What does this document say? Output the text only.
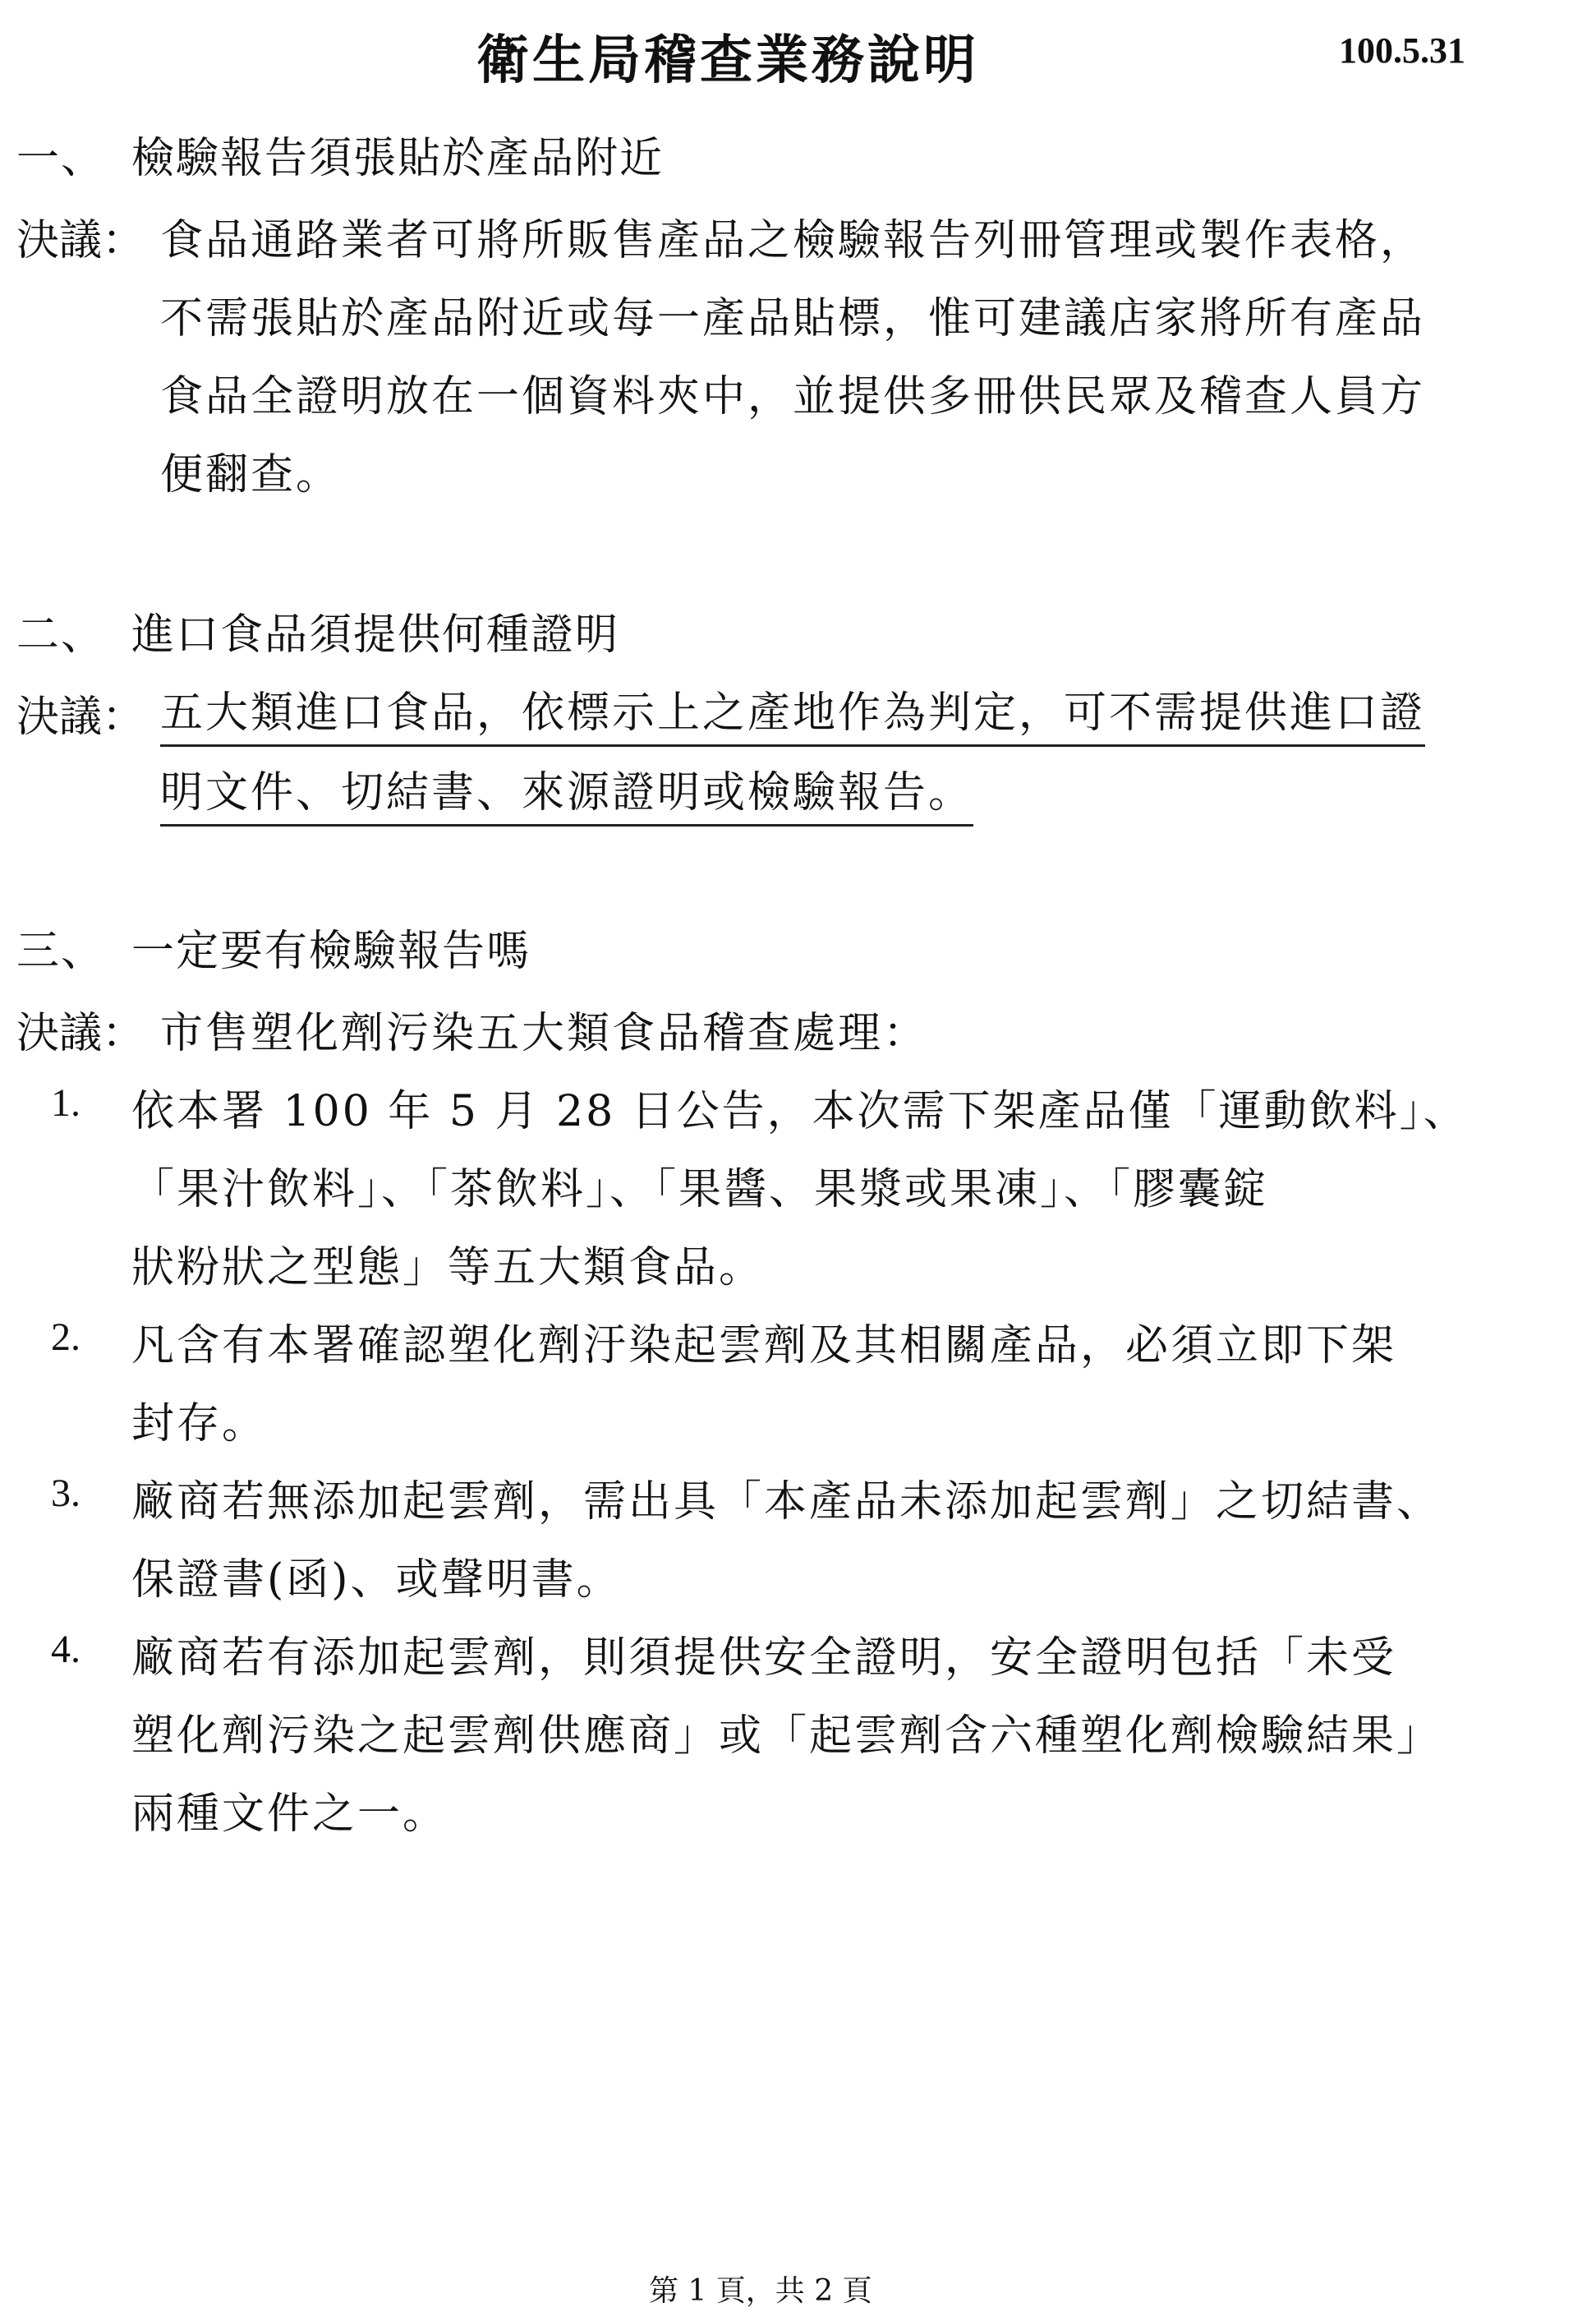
衛生局稽查業務說明	100.5.31
一、 檢驗報告須張貼於產品附近
決議： 食品通路業者可將所販售產品之檢驗報告列冊管理或製作表格，
不需張貼於產品附近或每一產品貼標，惟可建議店家將所有產品
食品全證明放在一個資料夾中，並提供多冊供民眾及稽查人員方
便翻查。
二、 進口食品須提供何種證明
決議： 五大類進口食品，依標示上之產地作為判定，可不需提供進口證
明文件、切結書、來源證明或檢驗報告。
三、 一定要有檢驗報告嗎
決議： 市售塑化劑污染五大類食品稽查處理：
1. 依本署 100 年 5 月 28 日公告，本次需下架產品僅「運動飲料」、
「果汁飲料」、「茶飲料」、「果醬、果漿或果凍」、「膠囊錠
狀粉狀之型態」等五大類食品。
2. 凡含有本署確認塑化劑汙染起雲劑及其相關產品，必須立即下架
封存。
3. 廠商若無添加起雲劑，需出具「本產品未添加起雲劑」之切結書、
保證書(函)、或聲明書。
4. 廠商若有添加起雲劑，則須提供安全證明，安全證明包括「未受
塑化劑污染之起雲劑供應商」或「起雲劑含六種塑化劑檢驗結果」
兩種文件之一。
第 1 頁，共 2 頁
